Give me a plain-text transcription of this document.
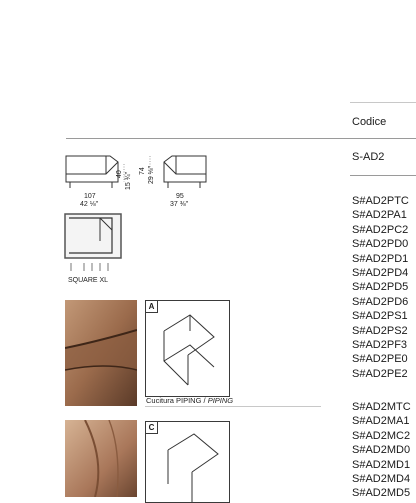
Codice
S-AD2
40 15 ¾"
74 29 ⅛"
107
42 ⅛"
95
37 ⅜"
SQUARE XL
A
Cucitura PIPING / PIPING
C
S#AD2PTC
S#AD2PA1
S#AD2PC2
S#AD2PD0
S#AD2PD1
S#AD2PD4
S#AD2PD5
S#AD2PD6
S#AD2PS1
S#AD2PS2
S#AD2PF3
S#AD2PE0
S#AD2PE2
S#AD2MTC
S#AD2MA1
S#AD2MC2
S#AD2MD0
S#AD2MD1
S#AD2MD4
S#AD2MD5
